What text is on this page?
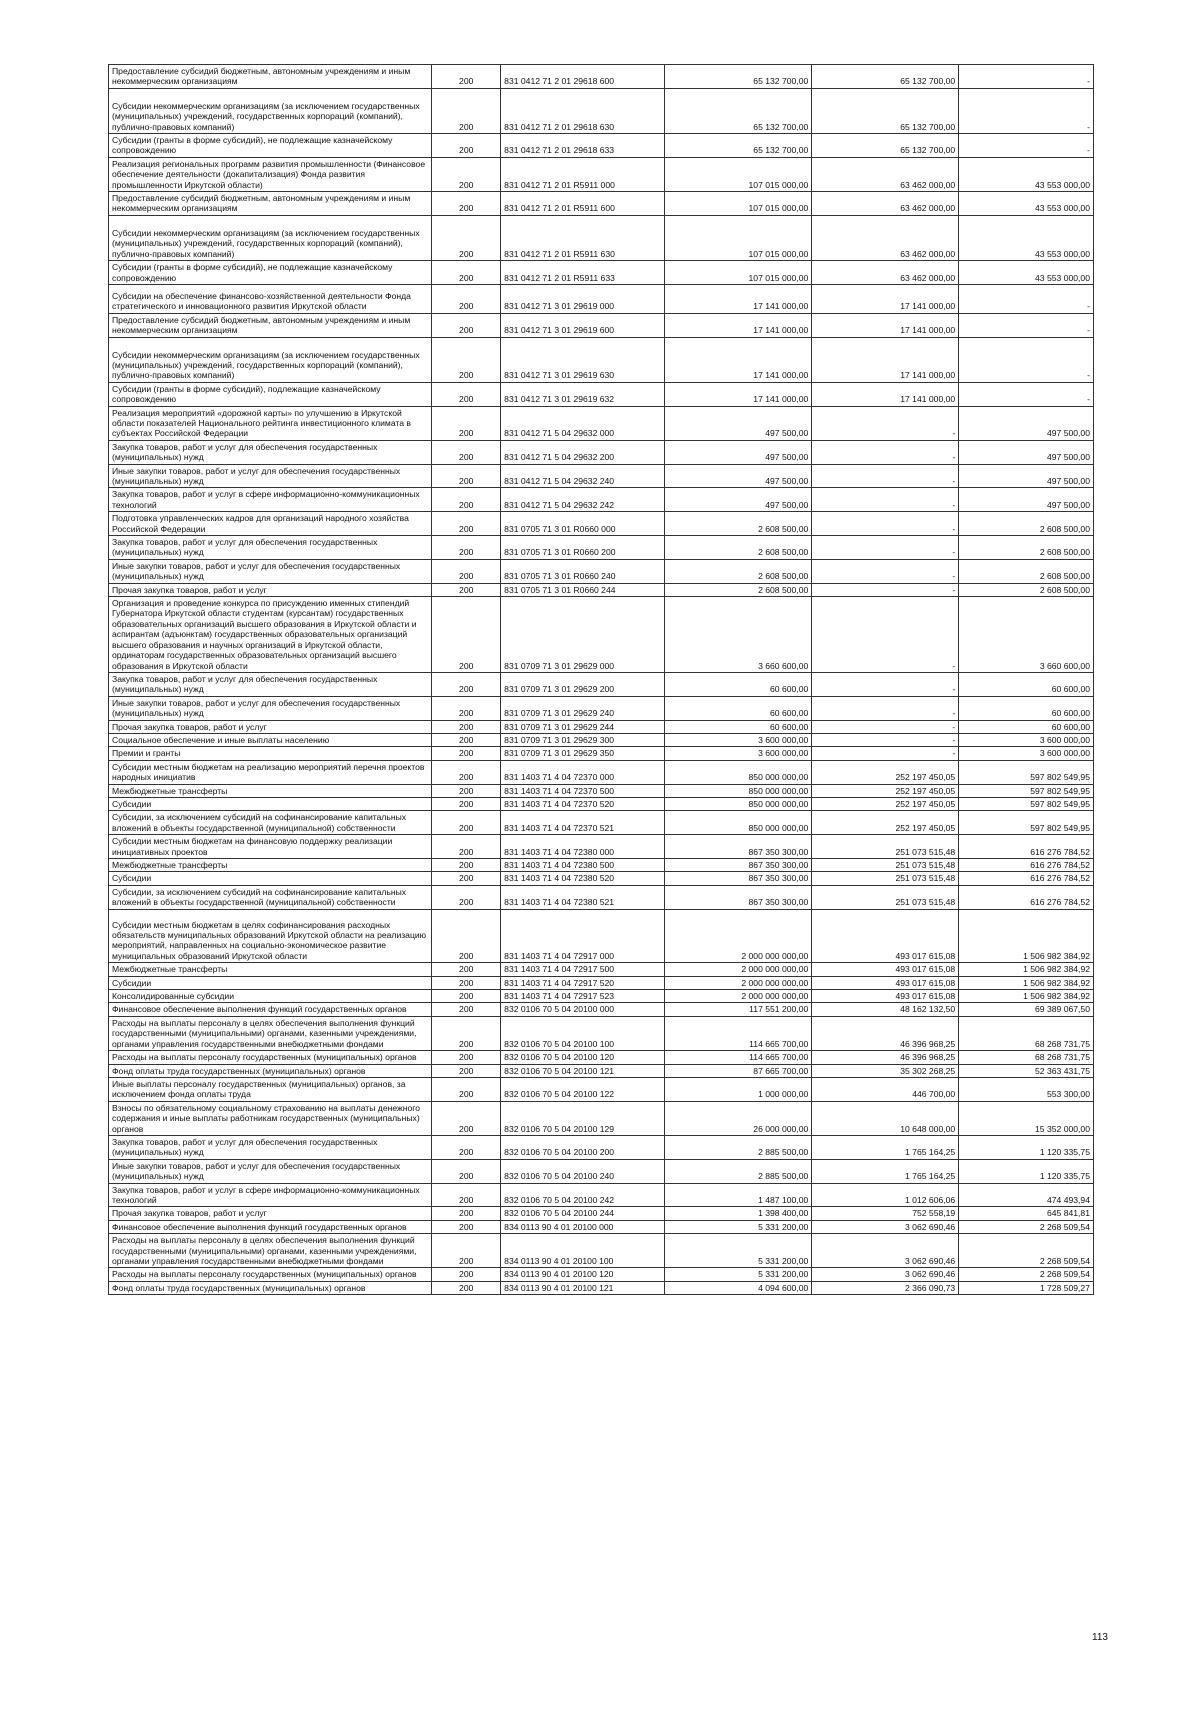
Предоставление субсидий бюджетным, автономным учреждениям и иным некоммерческим организациям	200	831 0412 71 2 01 29618 600	65 132 700,00	65 132 700,00	-
Субсидии некоммерческим организациям (за исключением государственных (муниципальных) учреждений, государственных корпораций (компаний), публично-правовых компаний)	200	831 0412 71 2 01 29618 630	65 132 700,00	65 132 700,00	-
Субсидии (гранты в форме субсидий), не подлежащие казначейскому сопровождению	200	831 0412 71 2 01 29618 633	65 132 700,00	65 132 700,00	-
Реализация региональных программ развития промышленности (Финансовое обеспечение деятельности (докапитализация) Фонда развития промышленности Иркутской области)	200	831 0412 71 2 01 R5911 000	107 015 000,00	63 462 000,00	43 553 000,00
Предоставление субсидий бюджетным, автономным учреждениям и иным некоммерческим организациям	200	831 0412 71 2 01 R5911 600	107 015 000,00	63 462 000,00	43 553 000,00
Субсидии некоммерческим организациям (за исключением государственных (муниципальных) учреждений, государственных корпораций (компаний), публично-правовых компаний)	200	831 0412 71 2 01 R5911 630	107 015 000,00	63 462 000,00	43 553 000,00
Субсидии (гранты в форме субсидий), не подлежащие казначейскому сопровождению	200	831 0412 71 2 01 R5911 633	107 015 000,00	63 462 000,00	43 553 000,00
Субсидии на обеспечение финансово-хозяйственной деятельности Фонда стратегического и инновационного развития Иркутской области	200	831 0412 71 3 01 29619 000	17 141 000,00	17 141 000,00	-
Предоставление субсидий бюджетным, автономным учреждениям и иным некоммерческим организациям	200	831 0412 71 3 01 29619 600	17 141 000,00	17 141 000,00	-
Субсидии некоммерческим организациям (за исключением государственных (муниципальных) учреждений, государственных корпораций (компаний), публично-правовых компаний)	200	831 0412 71 3 01 29619 630	17 141 000,00	17 141 000,00	-
Субсидии (гранты в форме субсидий), подлежащие казначейскому сопровождению	200	831 0412 71 3 01 29619 632	17 141 000,00	17 141 000,00	-
Реализация мероприятий «дорожной карты» по улучшению в Иркутской области показателей Национального рейтинга инвестиционного климата в субъектах Российской Федерации	200	831 0412 71 5 04 29632 000	497 500,00	-	497 500,00
Закупка товаров, работ и услуг для обеспечения государственных (муниципальных) нужд	200	831 0412 71 5 04 29632 200	497 500,00	-	497 500,00
Иные закупки товаров, работ и услуг для обеспечения государственных (муниципальных) нужд	200	831 0412 71 5 04 29632 240	497 500,00	-	497 500,00
Закупка товаров, работ и услуг в сфере информационно-коммуникационных технологий	200	831 0412 71 5 04 29632 242	497 500,00	-	497 500,00
Подготовка управленческих кадров для организаций народного хозяйства Российской Федерации	200	831 0705 71 3 01 R0660 000	2 608 500,00	-	2 608 500,00
Закупка товаров, работ и услуг для обеспечения государственных (муниципальных) нужд	200	831 0705 71 3 01 R0660 200	2 608 500,00	-	2 608 500,00
Иные закупки товаров, работ и услуг для обеспечения государственных (муниципальных) нужд	200	831 0705 71 3 01 R0660 240	2 608 500,00	-	2 608 500,00
Прочая закупка товаров, работ и услуг	200	831 0705 71 3 01 R0660 244	2 608 500,00	-	2 608 500,00
Организация и проведение конкурса по присуждению именных стипендий Губернатора Иркутской области студентам (курсантам) государственных образовательных организаций высшего образования в Иркутской области и аспирантам (адъюнктам) государственных образовательных организаций высшего образования и научных организаций в Иркутской области, ординаторам государственных образовательных организаций высшего образования в Иркутской области	200	831 0709 71 3 01 29629 000	3 660 600,00	-	3 660 600,00
Закупка товаров, работ и услуг для обеспечения государственных (муниципальных) нужд	200	831 0709 71 3 01 29629 200	60 600,00	-	60 600,00
Иные закупки товаров, работ и услуг для обеспечения государственных (муниципальных) нужд	200	831 0709 71 3 01 29629 240	60 600,00	-	60 600,00
Прочая закупка товаров, работ и услуг	200	831 0709 71 3 01 29629 244	60 600,00	-	60 600,00
Социальное обеспечение и иные выплаты населению	200	831 0709 71 3 01 29629 300	3 600 000,00	-	3 600 000,00
Премии и гранты	200	831 0709 71 3 01 29629 350	3 600 000,00	-	3 600 000,00
Субсидии местным бюджетам на реализацию мероприятий перечня проектов народных инициатив	200	831 1403 71 4 04 72370 000	850 000 000,00	252 197 450,05	597 802 549,95
Межбюджетные трансферты	200	831 1403 71 4 04 72370 500	850 000 000,00	252 197 450,05	597 802 549,95
Субсидии	200	831 1403 71 4 04 72370 520	850 000 000,00	252 197 450,05	597 802 549,95
Субсидии, за исключением субсидий на софинансирование капитальных вложений в объекты государственной (муниципальной) собственности	200	831 1403 71 4 04 72370 521	850 000 000,00	252 197 450,05	597 802 549,95
Субсидии местным бюджетам на финансовую поддержку реализации инициативных проектов	200	831 1403 71 4 04 72380 000	867 350 300,00	251 073 515,48	616 276 784,52
Межбюджетные трансферты	200	831 1403 71 4 04 72380 500	867 350 300,00	251 073 515,48	616 276 784,52
Субсидии	200	831 1403 71 4 04 72380 520	867 350 300,00	251 073 515,48	616 276 784,52
Субсидии, за исключением субсидий на софинансирование капитальных вложений в объекты государственной (муниципальной) собственности	200	831 1403 71 4 04 72380 521	867 350 300,00	251 073 515,48	616 276 784,52
Субсидии местным бюджетам в целях софинансирования расходных обязательств муниципальных образований Иркутской области на реализацию мероприятий, направленных на социально-экономическое развитие муниципальных образований Иркутской области	200	831 1403 71 4 04 72917 000	2 000 000 000,00	493 017 615,08	1 506 982 384,92
Межбюджетные трансферты	200	831 1403 71 4 04 72917 500	2 000 000 000,00	493 017 615,08	1 506 982 384,92
Субсидии	200	831 1403 71 4 04 72917 520	2 000 000 000,00	493 017 615,08	1 506 982 384,92
Консолидированные субсидии	200	831 1403 71 4 04 72917 523	2 000 000 000,00	493 017 615,08	1 506 982 384,92
Финансовое обеспечение выполнения функций государственных органов	200	832 0106 70 5 04 20100 000	117 551 200,00	48 162 132,50	69 389 067,50
Расходы на выплаты персоналу в целях обеспечения выполнения функций государственными (муниципальными) органами, казенными учреждениями, органами управления государственными внебюджетными фондами	200	832 0106 70 5 04 20100 100	114 665 700,00	46 396 968,25	68 268 731,75
Расходы на выплаты персоналу государственных (муниципальных) органов	200	832 0106 70 5 04 20100 120	114 665 700,00	46 396 968,25	68 268 731,75
Фонд оплаты труда государственных (муниципальных) органов	200	832 0106 70 5 04 20100 121	87 665 700,00	35 302 268,25	52 363 431,75
Иные выплаты персоналу государственных (муниципальных) органов, за исключением фонда оплаты труда	200	832 0106 70 5 04 20100 122	1 000 000,00	446 700,00	553 300,00
Взносы по обязательному социальному страхованию на выплаты денежного содержания и иные выплаты работникам государственных (муниципальных) органов	200	832 0106 70 5 04 20100 129	26 000 000,00	10 648 000,00	15 352 000,00
Закупка товаров, работ и услуг для обеспечения государственных (муниципальных) нужд	200	832 0106 70 5 04 20100 200	2 885 500,00	1 765 164,25	1 120 335,75
Иные закупки товаров, работ и услуг для обеспечения государственных (муниципальных) нужд	200	832 0106 70 5 04 20100 240	2 885 500,00	1 765 164,25	1 120 335,75
Закупка товаров, работ и услуг в сфере информационно-коммуникационных технологий	200	832 0106 70 5 04 20100 242	1 487 100,00	1 012 606,06	474 493,94
Прочая закупка товаров, работ и услуг	200	832 0106 70 5 04 20100 244	1 398 400,00	752 558,19	645 841,81
Финансовое обеспечение выполнения функций государственных органов	200	834 0113 90 4 01 20100 000	5 331 200,00	3 062 690,46	2 268 509,54
Расходы на выплаты персоналу в целях обеспечения выполнения функций государственными (муниципальными) органами, казенными учреждениями, органами управления государственными внебюджетными фондами	200	834 0113 90 4 01 20100 100	5 331 200,00	3 062 690,46	2 268 509,54
Расходы на выплаты персоналу государственных (муниципальных) органов	200	834 0113 90 4 01 20100 120	5 331 200,00	3 062 690,46	2 268 509,54
Фонд оплаты труда государственных (муниципальных) органов	200	834 0113 90 4 01 20100 121	4 094 600,00	2 366 090,73	1 728 509,27
113
